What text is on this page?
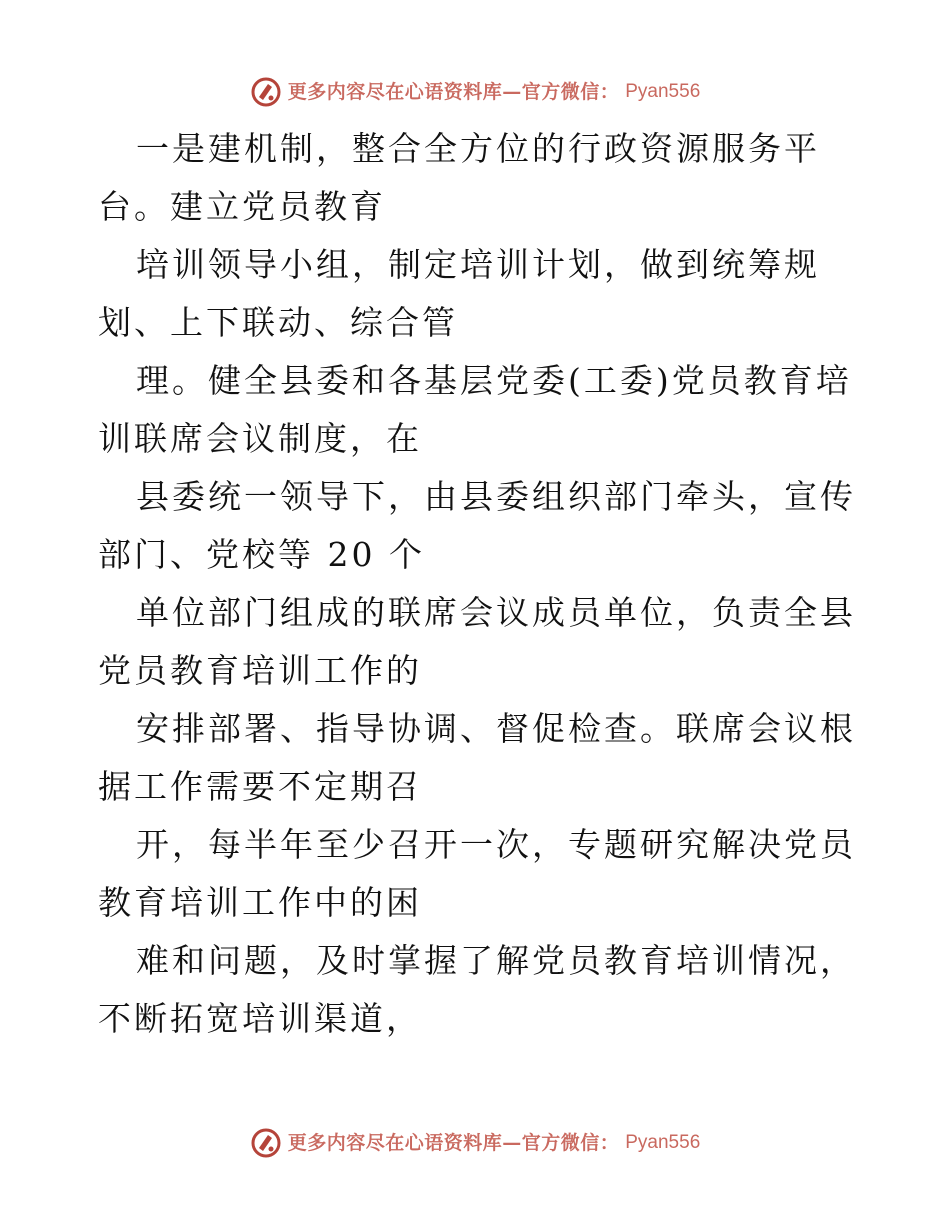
更多内容尽在心语资料库—官方微信： Pyan556

一是建机制，整合全方位的行政资源服务平台。建立党员教育

培训领导小组，制定培训计划，做到统筹规划、上下联动、综合管

理。健全县委和各基层党委(工委)党员教育培训联席会议制度，在

县委统一领导下，由县委组织部门牵头，宣传部门、党校等 20 个

单位部门组成的联席会议成员单位，负责全县党员教育培训工作的

安排部署、指导协调、督促检查。联席会议根据工作需要不定期召

开，每半年至少召开一次，专题研究解决党员教育培训工作中的困

难和问题，及时掌握了解党员教育培训情况，不断拓宽培训渠道，

更多内容尽在心语资料库—官方微信： Pyan556
